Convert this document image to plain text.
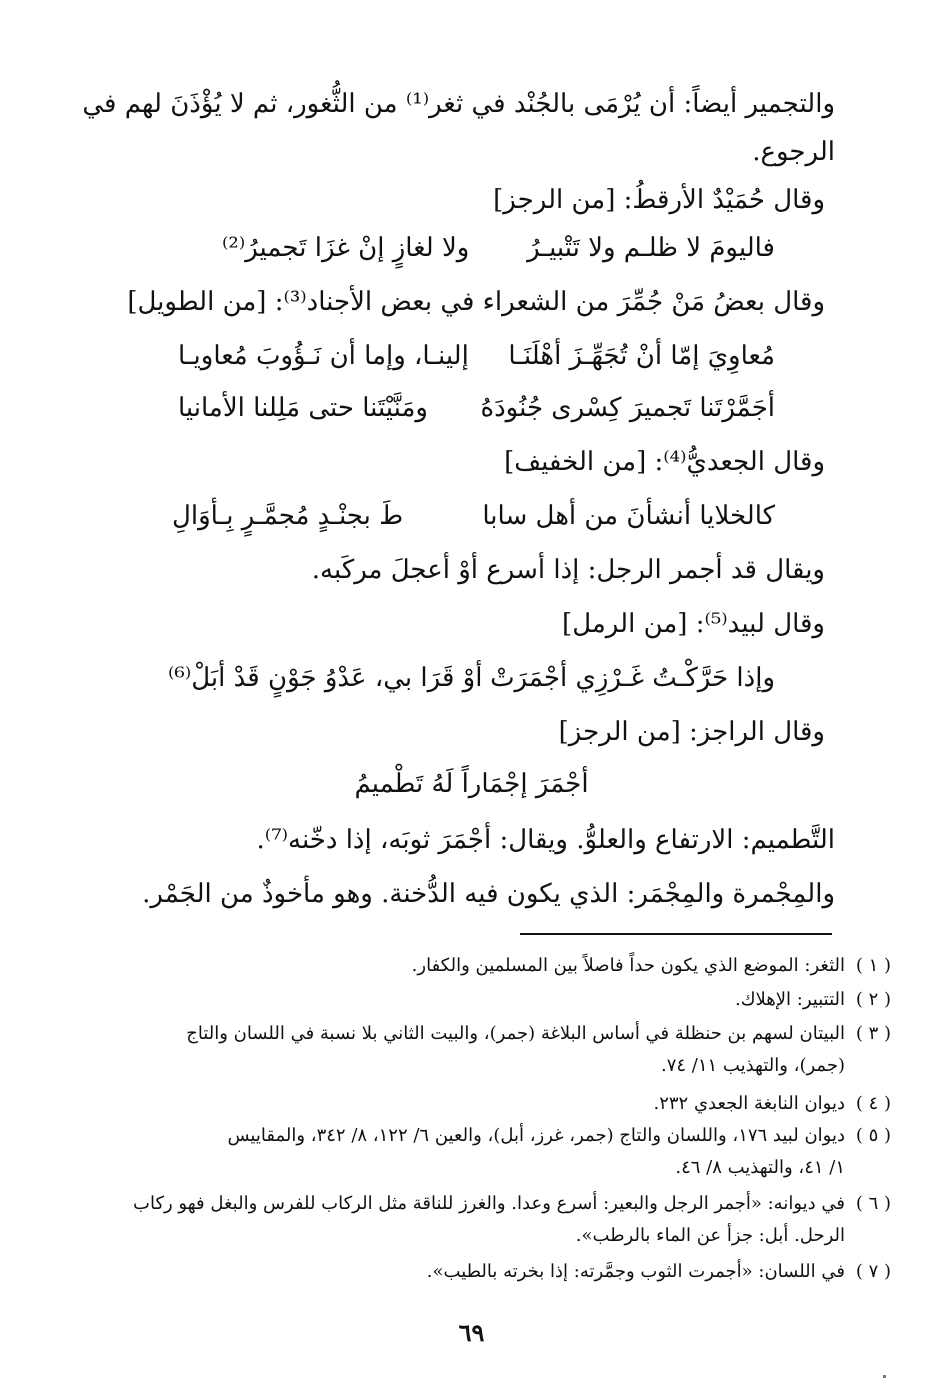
والتجمير أيضاً: أن يُرْمَى بالجُنْد في ثغر⁽¹⁾ من الثُّغور، ثم لا يُؤْذَنَ لهم في
الرجوع.
وقال حُمَيْدٌ الأرقطُ: [من الرجز]
فاليومَ لا ظلـم ولا تَتْبيـرُ
ولا لغازٍ إنْ غزَا تَجميرُ⁽²⁾
وقال بعضُ مَنْ جُمِّرَ من الشعراء في بعض الأجناد⁽³⁾: [من الطويل]
مُعاوِيَ إمّا أنْ تُجَهِّـزَ أهْلَنَـا
إلينـا، وإما أن نَـؤُوبَ مُعاويـا
أجَمَّرْتَنا تَجميرَ كِسْرى جُنُودَهُ
ومَنَّيْتَنا حتى مَلِلنا الأمانيا
وقال الجعديُّ⁽⁴⁾: [من الخفيف]
كالخلايا أنشأنَ من أهل سابا
طَ بجنْـدٍ مُجمَّـرٍ بِـأوَالِ
ويقال قد أجمر الرجل: إذا أسرع أوْ أعجلَ مركَبه.
وقال لبيد⁽⁵⁾: [من الرمل]
وإذا حَرَّكْـتُ غَـرْزِي أجْمَرَتْ
أوْ قَرَا بي، عَدْوُ جَوْنٍ قَدْ أبَلْ⁽⁶⁾
وقال الراجز: [من الرجز]
أجْمَرَ إجْمَاراً لَهُ تَطْميمُ
التَّطميم: الارتفاع والعلوُّ. ويقال: أجْمَرَ ثوبَه، إذا دخّنه⁽⁷⁾.
والمِجْمرة والمِجْمَر: الذي يكون فيه الدُّخنة. وهو مأخوذٌ من الجَمْر.
( ١ )الثغر: الموضع الذي يكون حداً فاصلاً بين المسلمين والكفار.
( ٢ )التتبير: الإهلاك.
( ٣ )البيتان لسهم بن حنظلة في أساس البلاغة (جمر)، والبيت الثاني بلا نسبة في اللسان والتاج
(جمر)، والتهذيب ١١/ ٧٤.
( ٤ )ديوان النابغة الجعدي ٢٣٢.
( ٥ )ديوان لبيد ١٧٦، واللسان والتاج (جمر، غرز، أبل)، والعين ٦/ ١٢٢، ٨/ ٣٤٢، والمقاييس
١/ ٤١، والتهذيب ٨/ ٤٦.
( ٦ )في ديوانه: «أجمر الرجل والبعير: أسرع وعدا. والغرز للناقة مثل الركاب للفرس والبغل فهو ركاب
الرحل. أبل: جزأ عن الماء بالرطب».
( ٧ )في اللسان: «أجمرت الثوب وجمَّرته: إذا بخرته بالطيب».
٦٩
